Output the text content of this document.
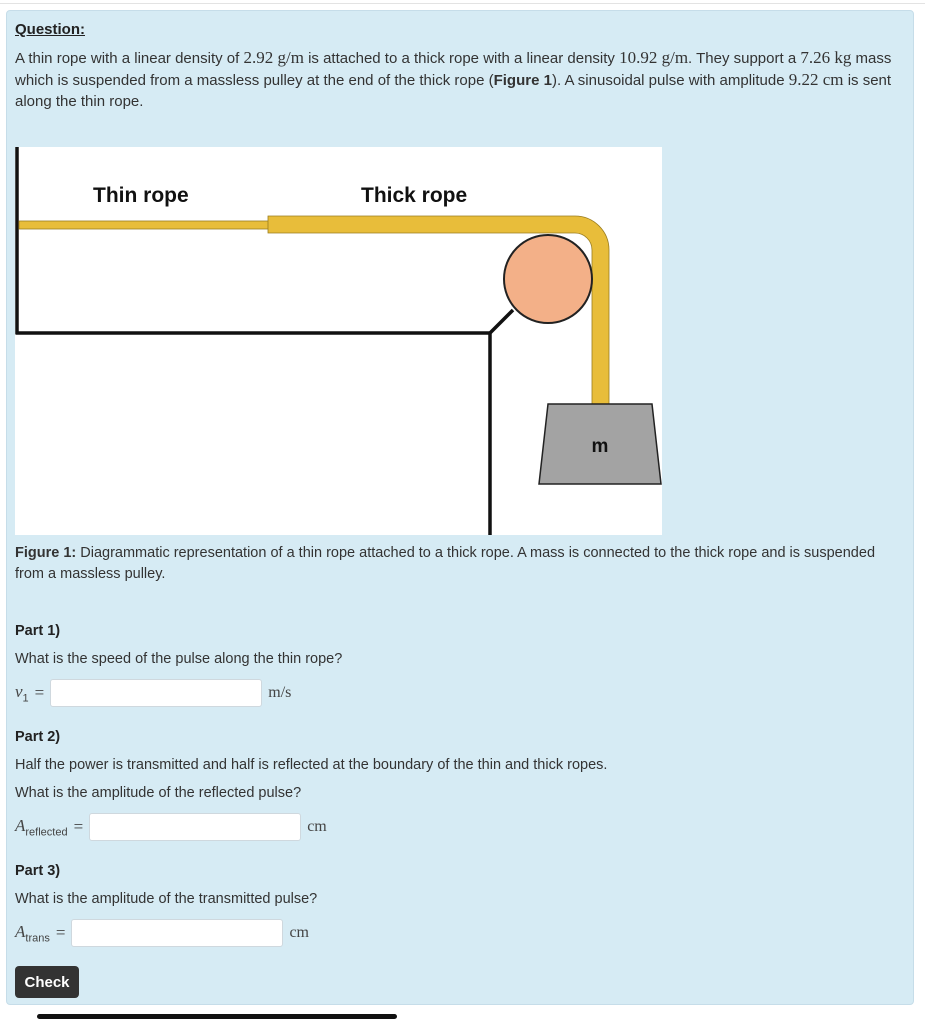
Question:
A thin rope with a linear density of 2.92 g/m is attached to a thick rope with a linear density 10.92 g/m. They support a 7.26 kg mass which is suspended from a massless pulley at the end of the thick rope (Figure 1). A sinusoidal pulse with amplitude 9.22 cm is sent along the thin rope.
m
Thin rope	Thick rope
Figure 1: Diagrammatic representation of a thin rope attached to a thick rope. A mass is connected to the thick rope and is suspended from a massless pulley.
Part 1)
What is the speed of the pulse along the thin rope?
$v_1$ =	m/s
Part 2)
Half the power is transmitted and half is reflected at the boundary of the thin and thick ropes.
What is the amplitude of the reflected pulse?
$A_{reflected}$ =	cm
Part 3)
What is the amplitude of the transmitted pulse?
$A_{trans}$ =	cm
Check
